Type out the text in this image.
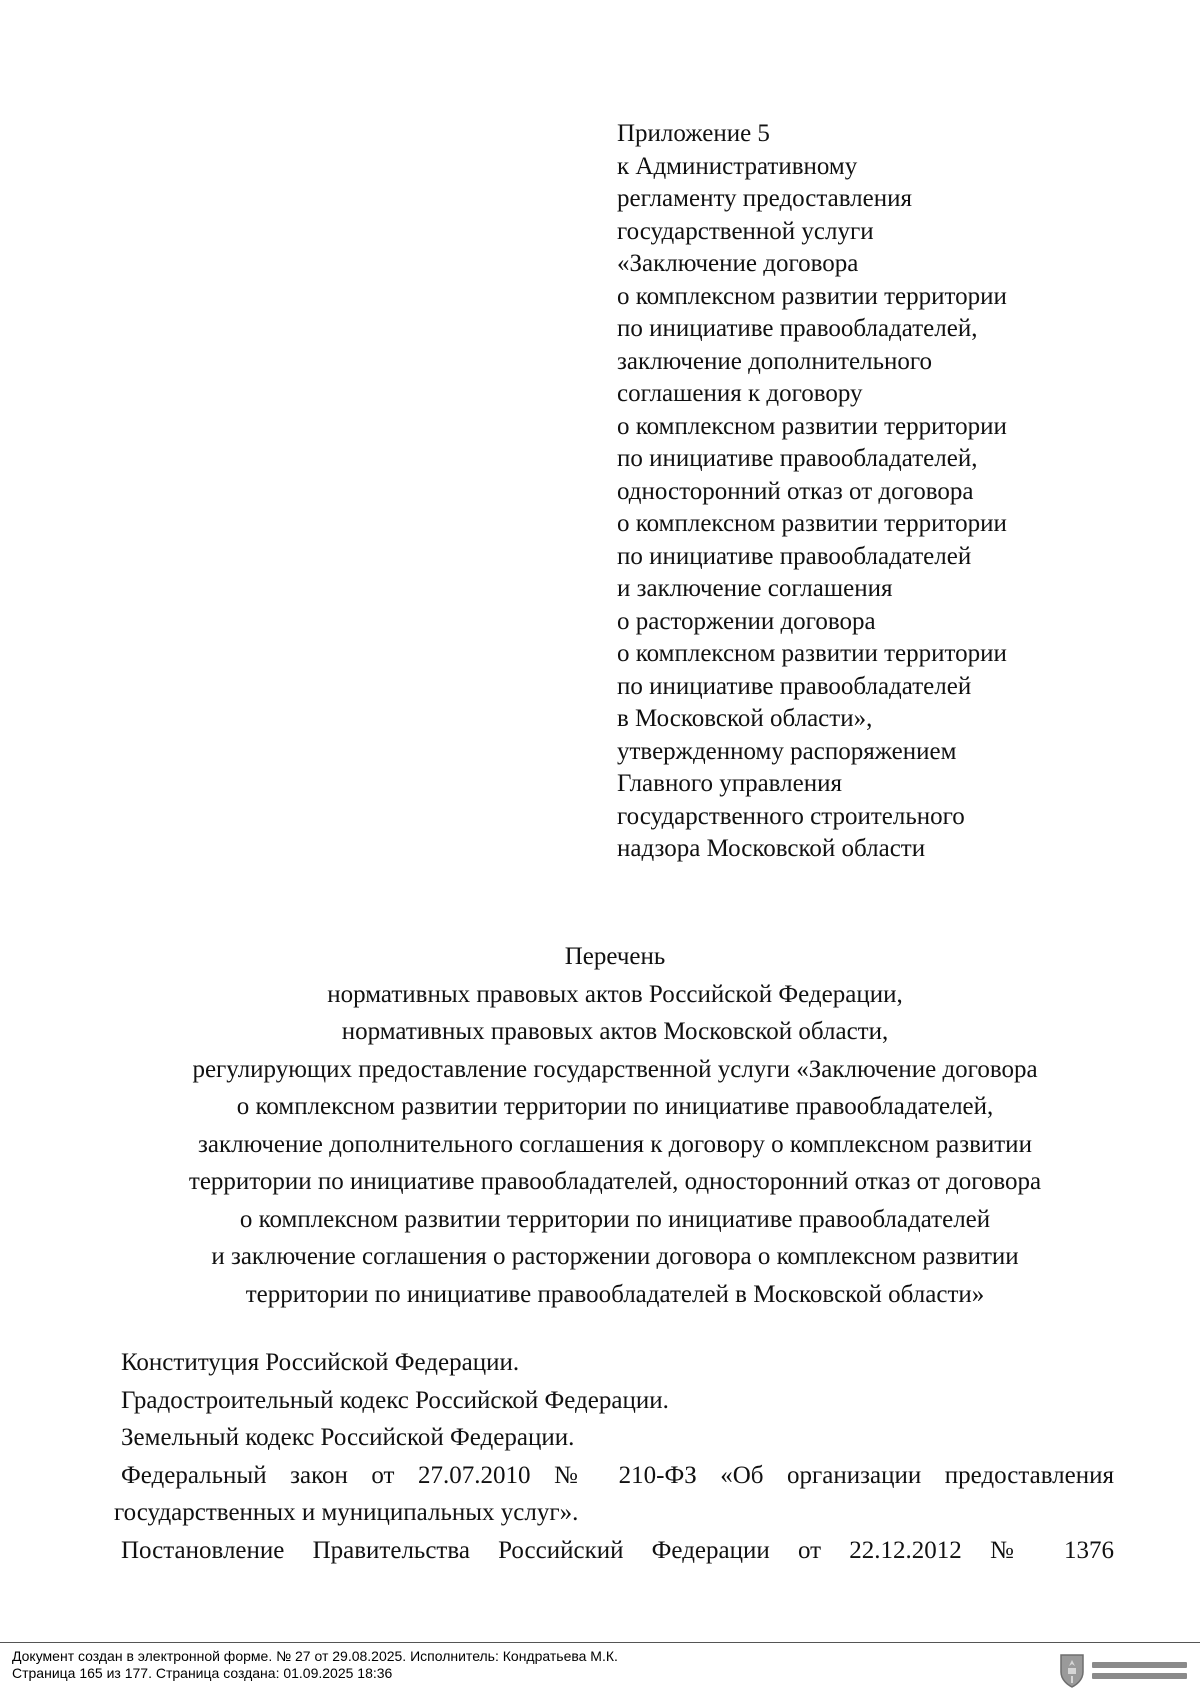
Приложение 5
к Административному
регламенту предоставления
государственной услуги
«Заключение договора
о комплексном развитии территории
по инициативе правообладателей,
заключение дополнительного
соглашения к договору
о комплексном развитии территории
по инициативе правообладателей,
односторонний отказ от договора
о комплексном развитии территории
по инициативе правообладателей
и заключение соглашения
о расторжении договора
о комплексном развитии территории
по инициативе правообладателей
в Московской области»,
утвержденному распоряжением
Главного управления
государственного строительного
надзора Московской области
Перечень
нормативных правовых актов Российской Федерации,
нормативных правовых актов Московской области,
регулирующих предоставление государственной услуги «Заключение договора
о комплексном развитии территории по инициативе правообладателей,
заключение дополнительного соглашения к договору о комплексном развитии
территории по инициативе правообладателей, односторонний отказ от договора
о комплексном развитии территории по инициативе правообладателей
и заключение соглашения о расторжении договора о комплексном развитии
территории по инициативе правообладателей в Московской области»
Конституция Российской Федерации.
Градостроительный кодекс Российской Федерации.
Земельный кодекс Российской Федерации.
Федеральный закон от 27.07.2010 № 210-ФЗ «Об организации предоставления государственных и муниципальных услуг».
Постановление Правительства Российский Федерации от 22.12.2012 № 1376
Документ создан в электронной форме. № 27 от 29.08.2025. Исполнитель: Кондратьева М.К.
Страница 165 из 177. Страница создана: 01.09.2025 18:36
